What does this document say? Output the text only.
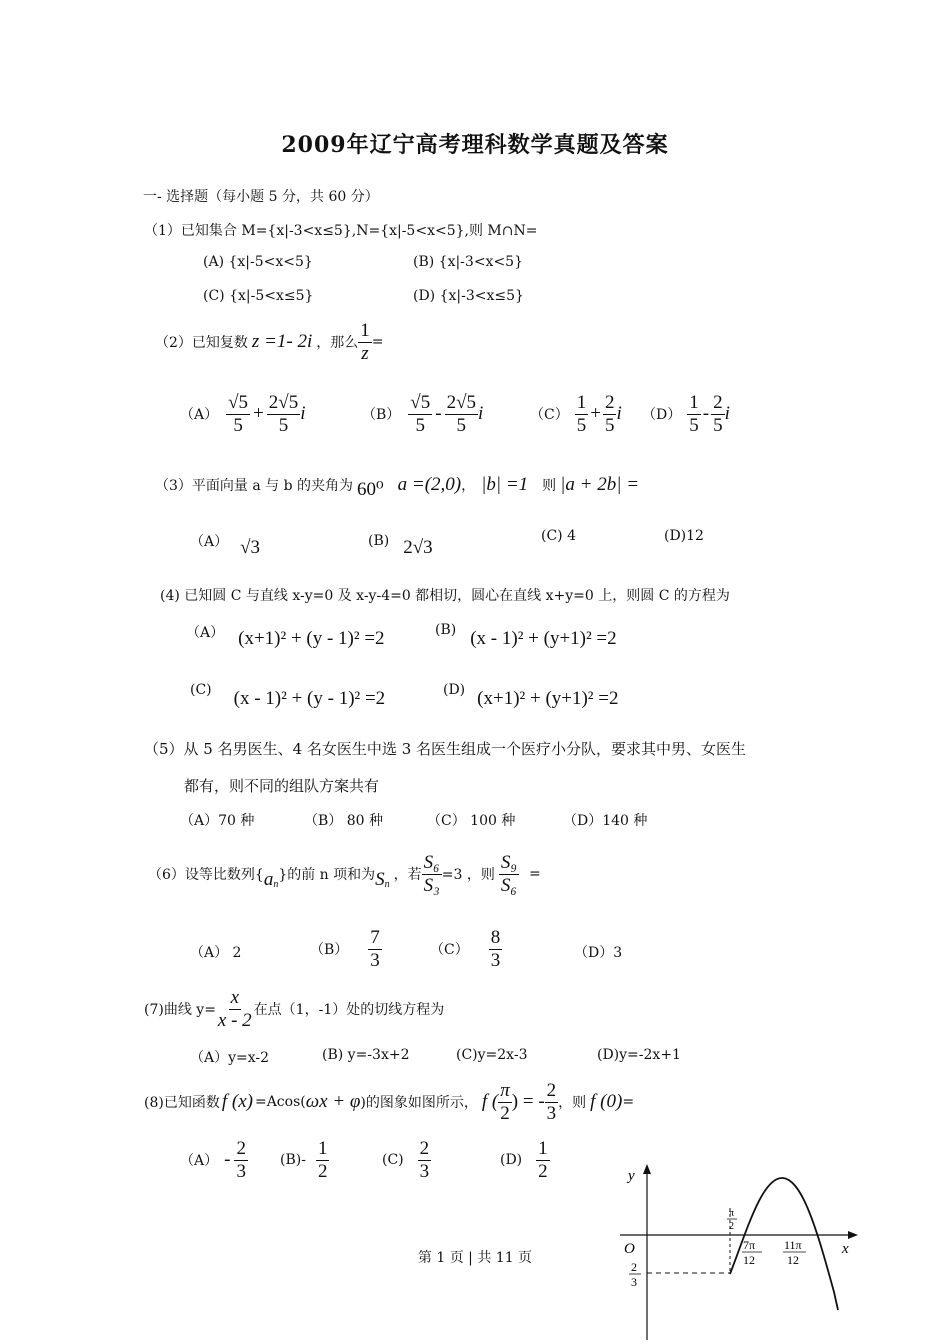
2009年辽宁高考理科数学真题及答案
一- 选择题（每小题 5 分，共 60 分）
（1）已知集合 M={x|-3<x≤5},N={x|-5<x<5},则 M∩N=
(A) {x|-5<x<5}	(B) {x|-3<x<5}
(C) {x|-5<x≤5}	(D) {x|-3<x≤5}
（2）已知复数 z =1- 2i ，那么 $\frac{1}{z}$ =
$(A) \frac{√5}{5} + \frac{2√5}{5}$ i	$(B) \frac{√5}{5} - \frac{2√5}{5}$ i	$(C) \frac{1}{5} + \frac{2}{5}$ i $(D) \frac{1}{5} - \frac{2}{5}$ i
（3）平面向量 a 与 b 的夹角为 60⁰ a =(2,0) ， |b| =1 则 |a + 2b| =
（A） √3	(B) 2√3
(C) 4	(D)12
(4) 已知圆 C 与直线 x-y=0 及 x-y-4=0 都相切，圆心在直线 x+y=0 上，则圆 C 的方程为
（A） (x+1)² + (y - 1)² =2	(B) (x - 1)² + (y+1)² =2
(C) (x - 1)² + (y - 1)² =2	(D) (x+1)² + (y+1)² =2
（5）从 5 名男医生、4 名女医生中选 3 名医生组成一个医疗小分队，要求其中男、女医生
都有，则不同的组队方案共有
（A）70 种	（B） 80 种	（C） 100 种	（D）140 种
（6）设等比数列{ a n
}的前 n 项和为 S n
，若 $\frac{\text{S₆}}{\text{S₃}} =3$ ，则 $\frac{\text{S₉}}{\text{S₆}}$ =
（A） 2	$(B) \frac{7}{3}$	$(C) \frac{8}{3}$	（D）3
(7)曲线 $y= \frac{x}{x - 2}$ 在点（1，-1）处的切线方程为
（A）y=x-2	(B) y=-3x+2	(C)y=2x-3	(D)y=-2x+1
(8)已知函数 f (x) =Acos( ωx + φ )的图象如图所示， f ( $\frac{\pi}{2}$ ) = - $\frac{2}{3}$ ，则 f (0) =
$(A) - \frac{2}{3} (B)- \frac{1}{2}$	$(C) \frac{2}{3}$	$(D) \frac{1}{2}$	y
x
O
π
2
7π
12
11π
12
2
3
第 1 页 | 共 11 页
